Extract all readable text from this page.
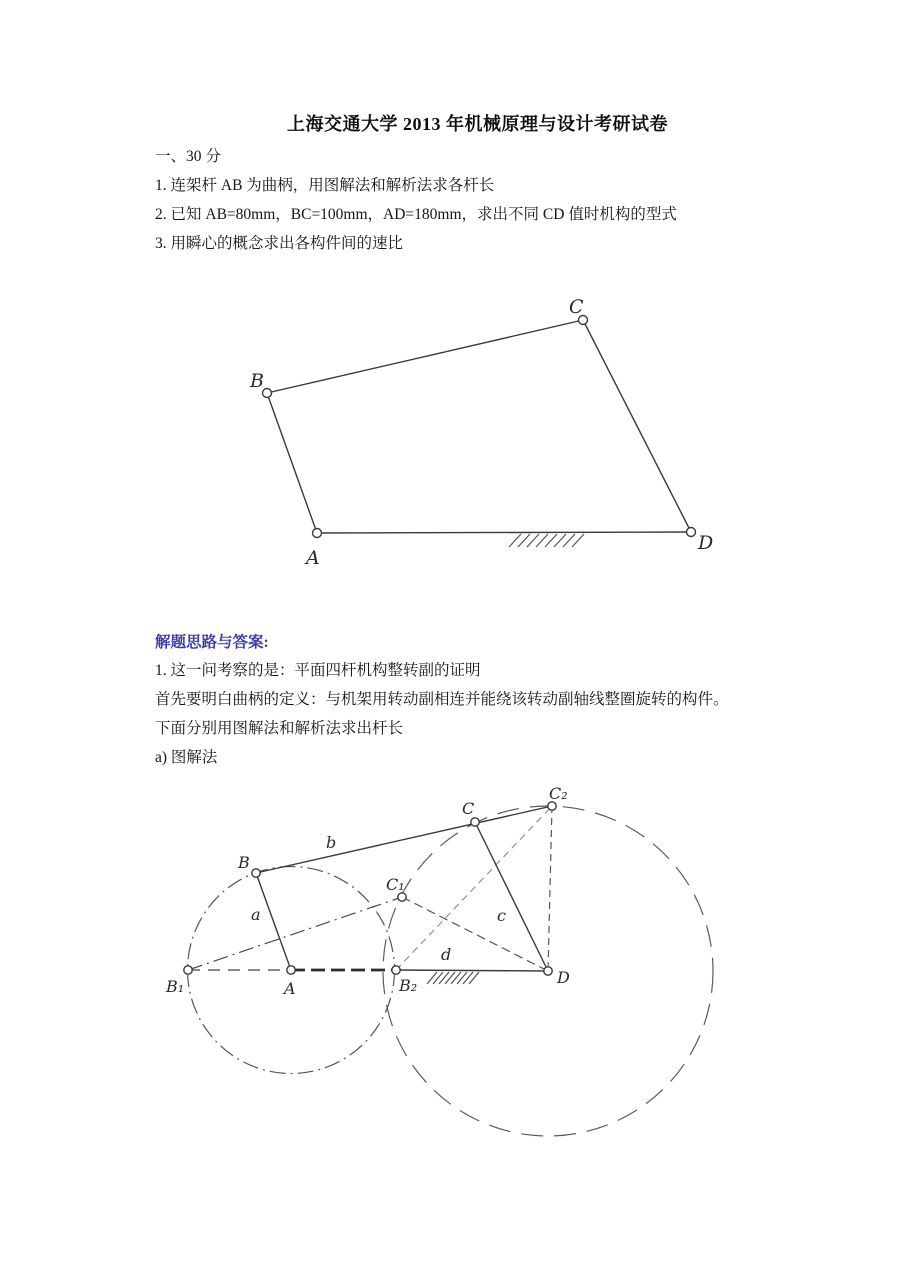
上海交通大学 2013 年机械原理与设计考研试卷
一、30 分
1. 连架杆 AB 为曲柄，用图解法和解析法求各杆长
2. 已知 AB=80mm，BC=100mm，AD=180mm，求出不同 CD 值时机构的型式
3. 用瞬心的概念求出各构件间的速比
B
C
A
D
解题思路与答案:
1. 这一问考察的是：平面四杆机构整转副的证明
首先要明白曲柄的定义：与机架用转动副相连并能绕该转动副轴线整圈旋转的构件。
下面分别用图解法和解析法求出杆长
a) 图解法
B
B₁	A	B₂	D
C
C₁
C₂
a
b
c
d
